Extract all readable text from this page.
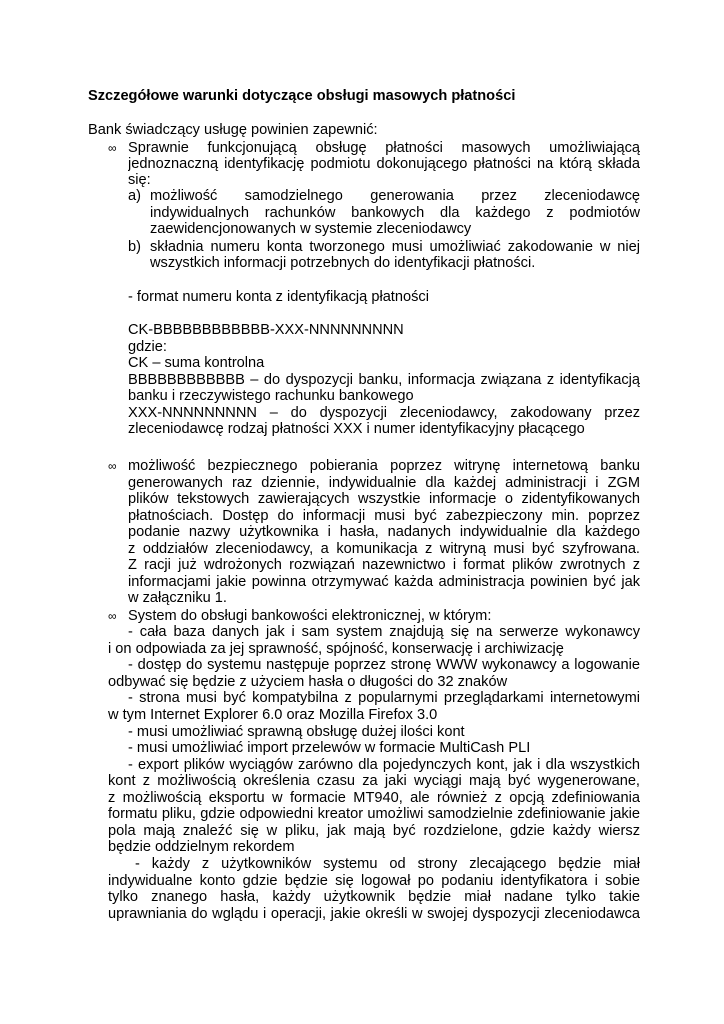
Szczegółowe warunki dotyczące obsługi masowych płatności
Bank świadczący usługę powinien zapewnić:
∞ Sprawnie funkcjonującą obsługę płatności masowych umożliwiającą
jednoznaczną identyfikację podmiotu dokonującego płatności na którą składa
się:
a) możliwość samodzielnego generowania przez zleceniodawcę
indywidualnych rachunków bankowych dla każdego z podmiotów
zaewidencjonowanych w systemie zleceniodawcy
b) składnia numeru konta tworzonego musi umożliwiać zakodowanie w niej
wszystkich informacji potrzebnych do identyfikacji płatności.
- format numeru konta z identyfikacją płatności
CK-BBBBBBBBBBBB-XXX-NNNNNNNNN
gdzie:
CK – suma kontrolna
BBBBBBBBBBBB – do dyspozycji banku, informacja związana z identyfikacją
banku i rzeczywistego rachunku bankowego
XXX-NNNNNNNNN – do dyspozycji zleceniodawcy, zakodowany przez
zleceniodawcę rodzaj płatności XXX i numer identyfikacyjny płacącego
∞ możliwość bezpiecznego pobierania poprzez witrynę internetową banku
generowanych raz dziennie, indywidualnie dla każdej administracji i ZGM
plików tekstowych zawierających wszystkie informacje o zidentyfikowanych
płatnościach. Dostęp do informacji musi być zabezpieczony min. poprzez
podanie nazwy użytkownika i hasła, nadanych indywidualnie dla każdego
z oddziałów zleceniodawcy, a komunikacja z witryną musi być szyfrowana.
Z racji już wdrożonych rozwiązań nazewnictwo i format plików zwrotnych z
informacjami jakie powinna otrzymywać każda administracja powinien być jak
w załączniku 1.
∞ System do obsługi bankowości elektronicznej, w którym:
- cała baza danych jak i sam system znajdują się na serwerze wykonawcy
i on odpowiada za jej sprawność, spójność, konserwację i archiwizację
- dostęp do systemu następuje poprzez stronę WWW wykonawcy a logowanie
odbywać się będzie z użyciem hasła o długości do 32 znaków
- strona musi być kompatybilna z popularnymi przeglądarkami internetowymi
w tym Internet Explorer 6.0 oraz Mozilla Firefox 3.0
- musi umożliwiać sprawną obsługę dużej ilości kont
- musi umożliwiać import przelewów w formacie MultiCash PLI
- export plików wyciągów zarówno dla pojedynczych kont, jak i dla wszystkich
kont z możliwością określenia czasu za jaki wyciągi mają być wygenerowane,
z możliwością eksportu w formacie MT940, ale również z opcją zdefiniowania
formatu pliku, gdzie odpowiedni kreator umożliwi samodzielnie zdefiniowanie jakie
pola mają znaleźć się w pliku, jak mają być rozdzielone, gdzie każdy wiersz
będzie oddzielnym rekordem
- każdy z użytkowników systemu od strony zlecającego będzie miał
indywidualne konto gdzie będzie się logował po podaniu identyfikatora i sobie
tylko znanego hasła, każdy użytkownik będzie miał nadane tylko takie
uprawniania do wglądu i operacji, jakie określi w swojej dyspozycji zleceniodawca
